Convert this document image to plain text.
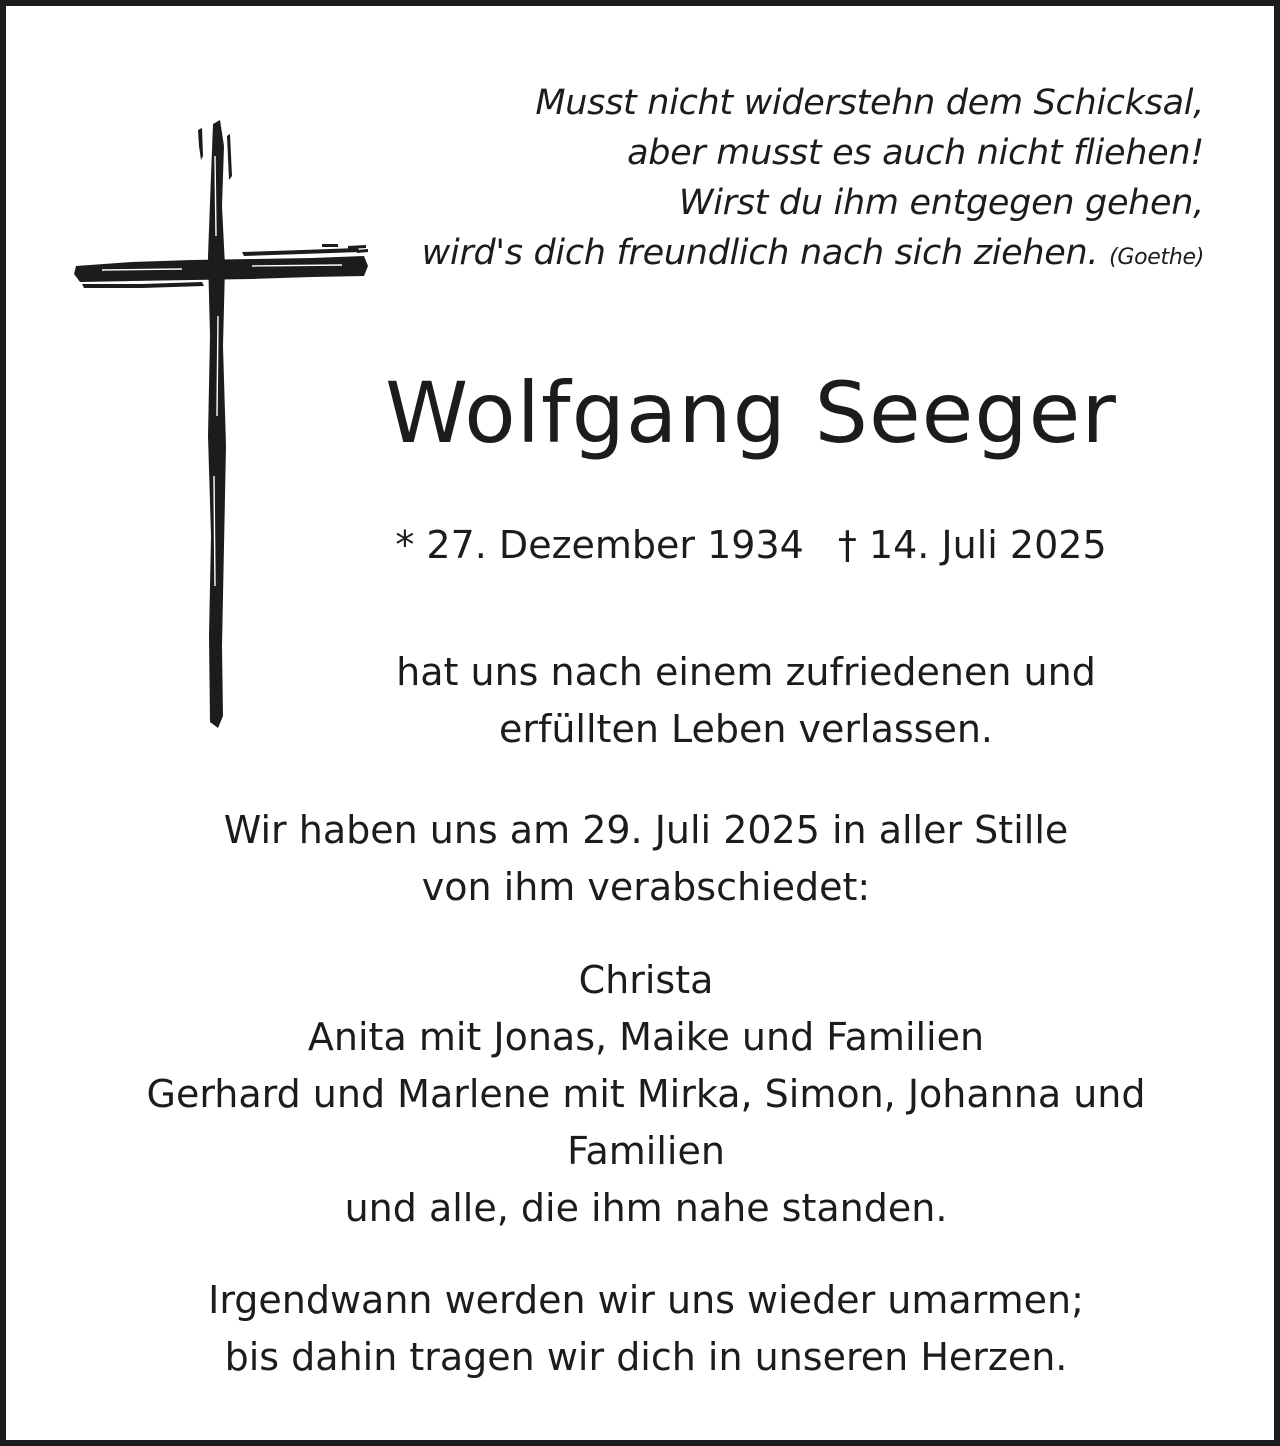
Musst nicht widerstehn dem Schicksal,
aber musst es auch nicht fliehen!
Wirst du ihm entgegen gehen,
wird's dich freundlich nach sich ziehen. (Goethe)
Wolfgang Seeger
* 27. Dezember 1934 † 14. Juli 2025
hat uns nach einem zufriedenen und
erfüllten Leben verlassen.
Wir haben uns am 29. Juli 2025 in aller Stille
von ihm verabschiedet:
Christa
Anita mit Jonas, Maike und Familien
Gerhard und Marlene mit Mirka, Simon, Johanna und
Familien
und alle, die ihm nahe standen.
Irgendwann werden wir uns wieder umarmen;
bis dahin tragen wir dich in unseren Herzen.
